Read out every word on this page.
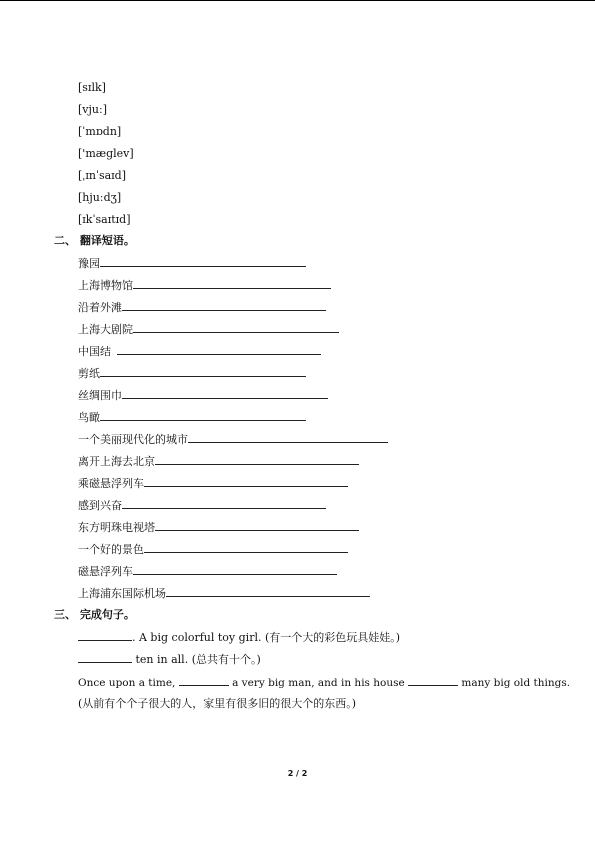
[sɪlk]
[vjuː]
[ˈmɒdn]
['mæglev]
[ˌɪnˈsaɪd]
[hjuːdʒ]
[ɪkˈsaɪtɪd]
二、 翻译短语。
豫园
上海博物馆
沿着外滩
上海大剧院
中国结
剪纸
丝绸围巾
鸟瞰
一个美丽现代化的城市
离开上海去北京
乘磁悬浮列车
感到兴奋
东方明珠电视塔
一个好的景色
磁悬浮列车
上海浦东国际机场
三、 完成句子。
. A big colorful toy girl. (有一个大的彩色玩具娃娃。)
ten in all. (总共有十个。)
Once upon a time,	a very big man, and in his house	many big old things.
(从前有个个子很大的人，家里有很多旧的很大个的东西。)
2 / 2
